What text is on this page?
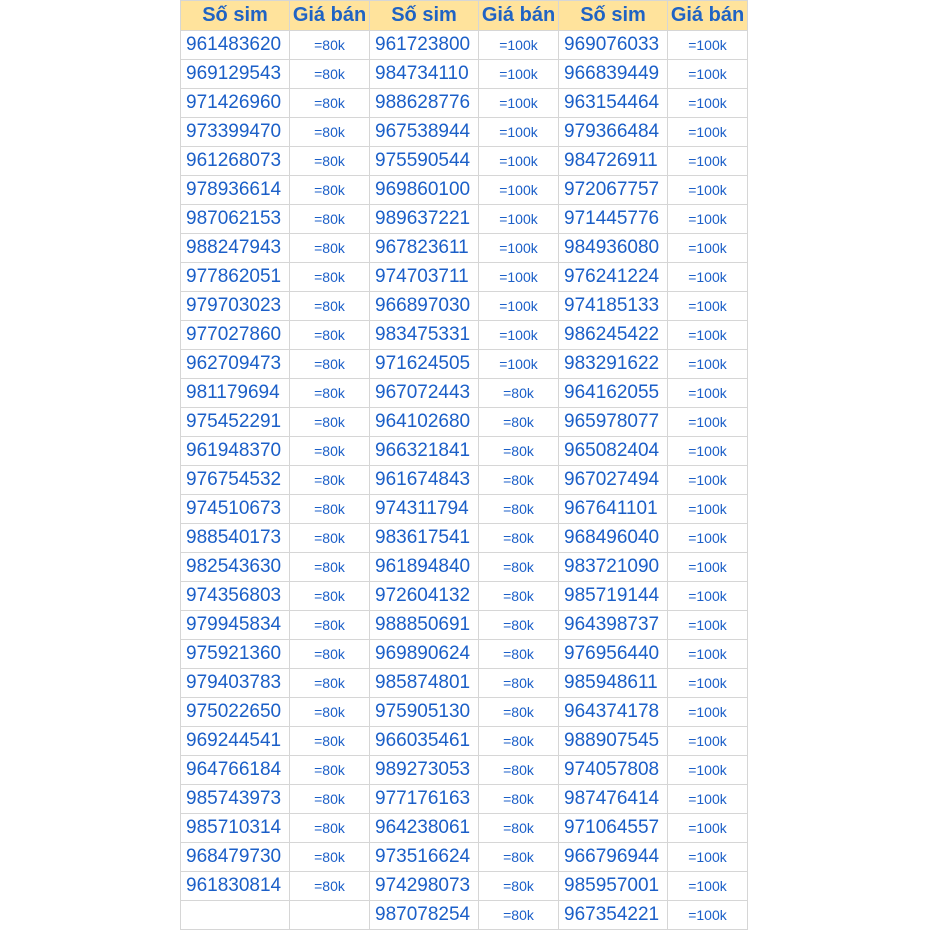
Số sim	Giá bán	Số sim	Giá bán	Số sim	Giá bán
961483620	=80k	961723800	=100k	969076033	=100k
969129543	=80k	984734110	=100k	966839449	=100k
971426960	=80k	988628776	=100k	963154464	=100k
973399470	=80k	967538944	=100k	979366484	=100k
961268073	=80k	975590544	=100k	984726911	=100k
978936614	=80k	969860100	=100k	972067757	=100k
987062153	=80k	989637221	=100k	971445776	=100k
988247943	=80k	967823611	=100k	984936080	=100k
977862051	=80k	974703711	=100k	976241224	=100k
979703023	=80k	966897030	=100k	974185133	=100k
977027860	=80k	983475331	=100k	986245422	=100k
962709473	=80k	971624505	=100k	983291622	=100k
981179694	=80k	967072443	=80k	964162055	=100k
975452291	=80k	964102680	=80k	965978077	=100k
961948370	=80k	966321841	=80k	965082404	=100k
976754532	=80k	961674843	=80k	967027494	=100k
974510673	=80k	974311794	=80k	967641101	=100k
988540173	=80k	983617541	=80k	968496040	=100k
982543630	=80k	961894840	=80k	983721090	=100k
974356803	=80k	972604132	=80k	985719144	=100k
979945834	=80k	988850691	=80k	964398737	=100k
975921360	=80k	969890624	=80k	976956440	=100k
979403783	=80k	985874801	=80k	985948611	=100k
975022650	=80k	975905130	=80k	964374178	=100k
969244541	=80k	966035461	=80k	988907545	=100k
964766184	=80k	989273053	=80k	974057808	=100k
985743973	=80k	977176163	=80k	987476414	=100k
985710314	=80k	964238061	=80k	971064557	=100k
968479730	=80k	973516624	=80k	966796944	=100k
961830814	=80k	974298073	=80k	985957001	=100k
		987078254	=80k	967354221	=100k
